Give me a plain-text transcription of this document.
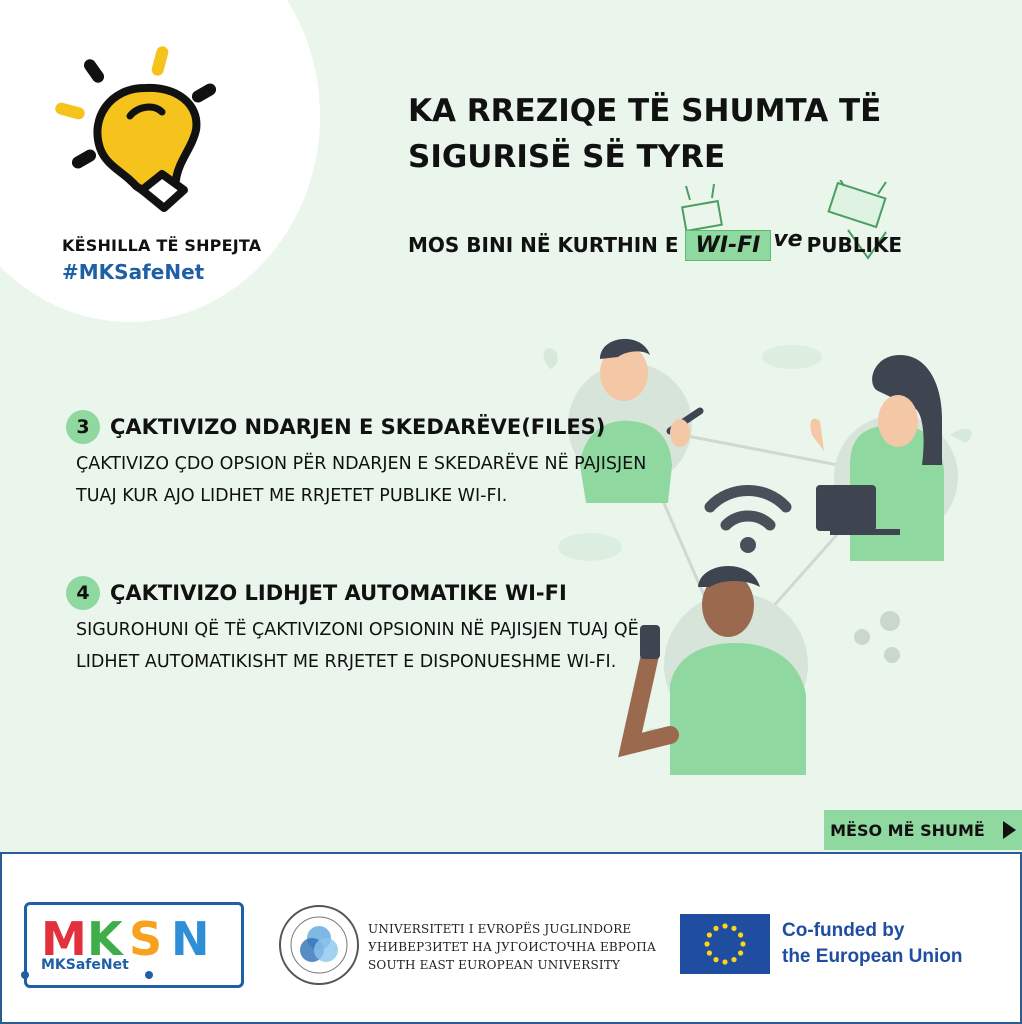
KËSHILLA TË SHPEJTA
#MKSafeNet
KA RREZIQE TË SHUMTA TË
SIGURISË SË TYRE
MOS BINI NË KURTHIN E WI-FI ve PUBLIKE
3 ÇAKTIVIZO NDARJEN E SKEDARËVE(FILES)
ÇAKTIVIZO ÇDO OPSION PËR NDARJEN E SKEDARËVE NË PAJISJEN
TUAJ KUR AJO LIDHET ME RRJETET PUBLIKE WI-FI.
4 ÇAKTIVIZO LIDHJET AUTOMATIKE WI-FI
SIGUROHUNI QË TË ÇAKTIVIZONI OPSIONIN NË PAJISJEN TUAJ QË
LIDHET AUTOMATIKISHT ME RRJETET E DISPONUESHME WI-FI.
MËSO MË SHUMË
M K S N
MKSafeNet
UNIVERSITETI I EVROPËS JUGLINDORE
УНИВЕРЗИТЕТ НА ЈУГОИСТОЧНА ЕВРОПА
SOUTH EAST EUROPEAN UNIVERSITY
Co-funded by
the European Union
